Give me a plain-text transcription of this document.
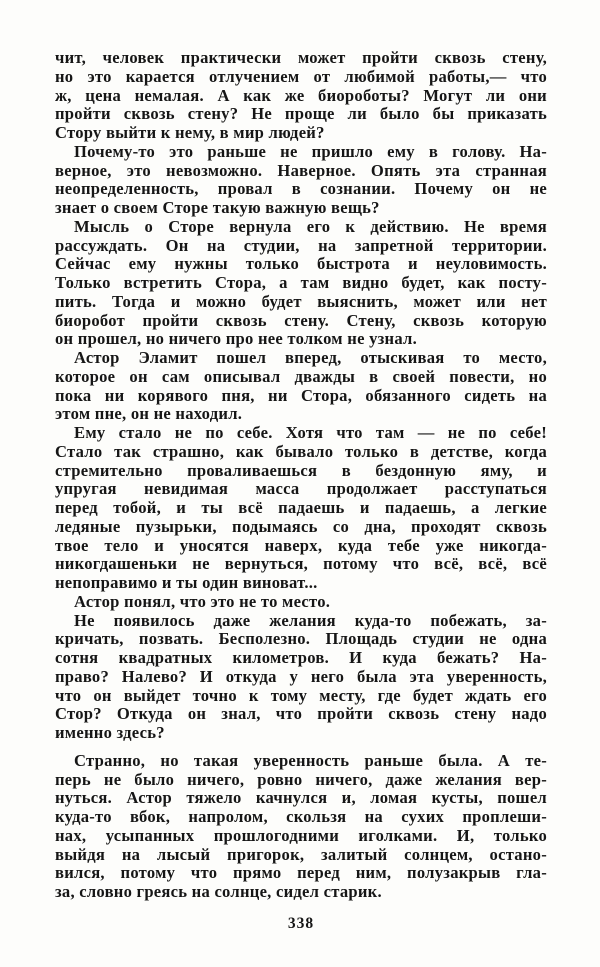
чит, человек практически может пройти сквозь стену,
но это карается отлучением от любимой работы,— что
ж, цена немалая. А как же биороботы? Могут ли они
пройти сквозь стену? Не проще ли было бы приказать
Стору выйти к нему, в мир людей?
Почему-то это раньше не пришло ему в голову. На-
верное, это невозможно. Наверное. Опять эта странная
неопределенность, провал в сознании. Почему он не
знает о своем Сторе такую важную вещь?
Мысль о Сторе вернула его к действию. Не время
рассуждать. Он на студии, на запретной территории.
Сейчас ему нужны только быстрота и неуловимость.
Только встретить Стора, а там видно будет, как посту-
пить. Тогда и можно будет выяснить, может или нет
биоробот пройти сквозь стену. Стену, сквозь которую
он прошел, но ничего про нее толком не узнал.
Астор Эламит пошел вперед, отыскивая то место,
которое он сам описывал дважды в своей повести, но
пока ни корявого пня, ни Стора, обязанного сидеть на
этом пне, он не находил.
Ему стало не по себе. Хотя что там — не по себе!
Стало так страшно, как бывало только в детстве, когда
стремительно проваливаешься в бездонную яму, и
упругая невидимая масса продолжает расступаться
перед тобой, и ты всё падаешь и падаешь, а легкие
ледяные пузырьки, подымаясь со дна, проходят сквозь
твое тело и уносятся наверх, куда тебе уже никогда-
никогдашеньки не вернуться, потому что всё, всё, всё
непоправимо и ты один виноват...
Астор понял, что это не то место.
Не появилось даже желания куда-то побежать, за-
кричать, позвать. Бесполезно. Площадь студии не одна
сотня квадратных километров. И куда бежать? На-
право? Налево? И откуда у него была эта уверенность,
что он выйдет точно к тому месту, где будет ждать его
Стор? Откуда он знал, что пройти сквозь стену надо
именно здесь?
Странно, но такая уверенность раньше была. А те-
перь не было ничего, ровно ничего, даже желания вер-
нуться. Астор тяжело качнулся и, ломая кусты, пошел
куда-то вбок, напролом, скользя на сухих проплеши-
нах, усыпанных прошлогодними иголками. И, только
выйдя на лысый пригорок, залитый солнцем, остано-
вился, потому что прямо перед ним, полузакрыв гла-
за, словно греясь на солнце, сидел старик.
338
